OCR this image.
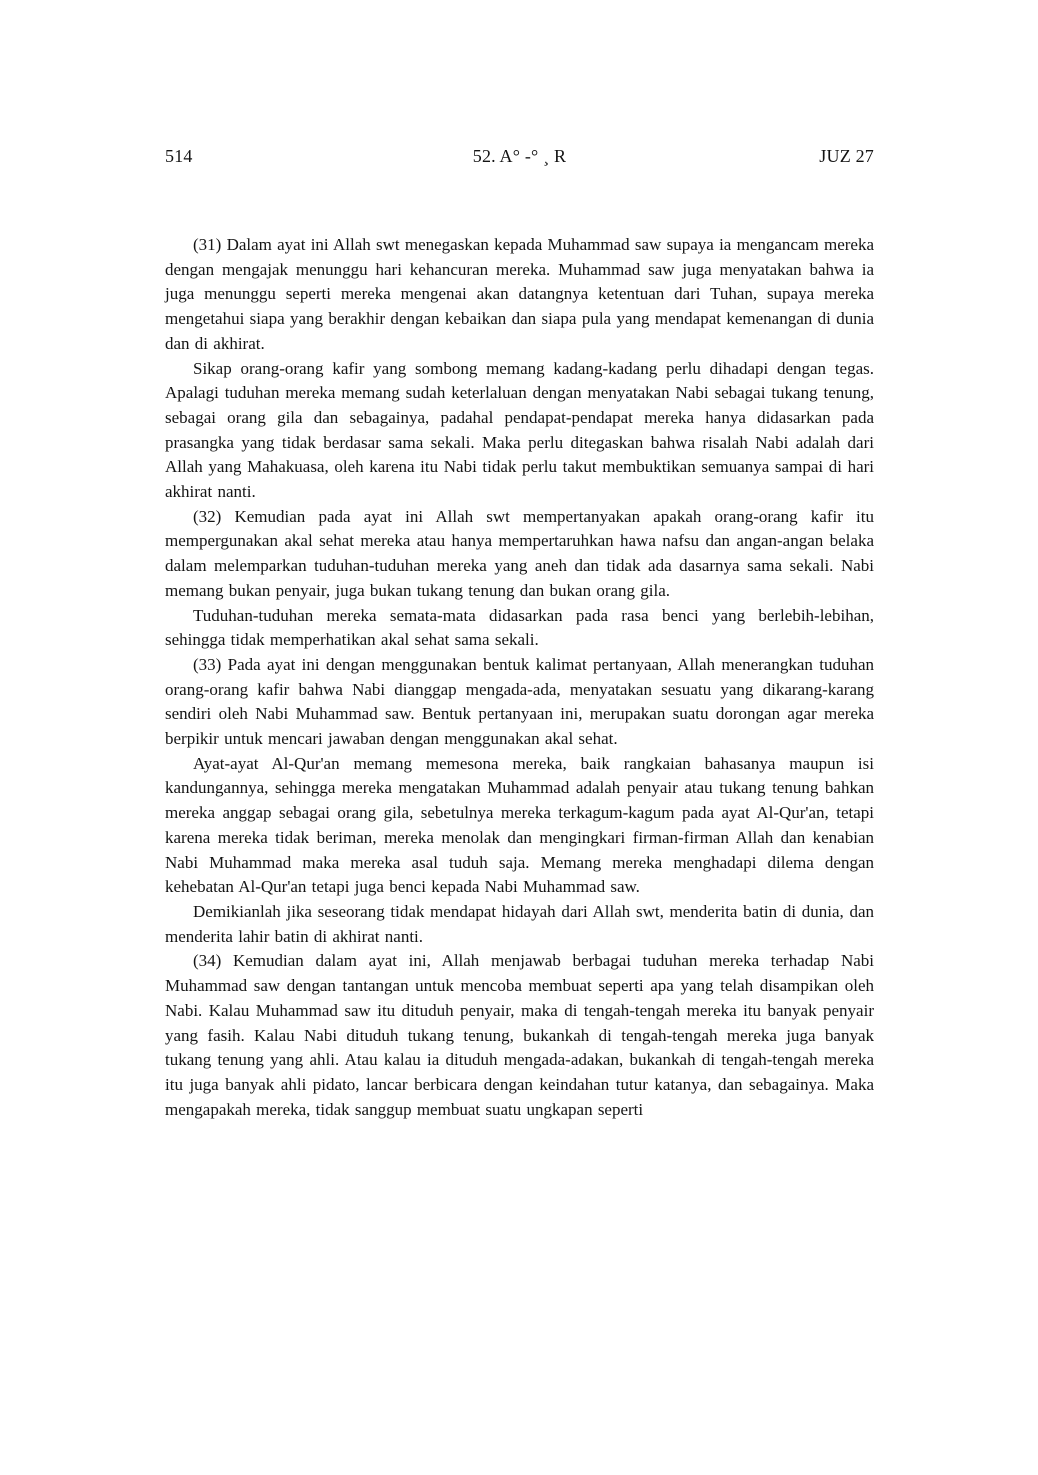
514	52. A° -° ¸ R	JUZ 27

(31) Dalam ayat ini Allah swt menegaskan kepada Muhammad saw supaya ia mengancam mereka dengan mengajak menunggu hari kehancuran mereka. Muhammad saw juga menyatakan bahwa ia juga menunggu seperti mereka mengenai akan datangnya ketentuan dari Tuhan, supaya mereka mengetahui siapa yang berakhir dengan kebaikan dan siapa pula yang mendapat kemenangan di dunia dan di akhirat.

Sikap orang-orang kafir yang sombong memang kadang-kadang perlu dihadapi dengan tegas. Apalagi tuduhan mereka memang sudah keterlaluan dengan menyatakan Nabi sebagai tukang tenung, sebagai orang gila dan sebagainya, padahal pendapat-pendapat mereka hanya didasarkan pada prasangka yang tidak berdasar sama sekali. Maka perlu ditegaskan bahwa risalah Nabi adalah dari Allah yang Mahakuasa, oleh karena itu Nabi tidak perlu takut membuktikan semuanya sampai di hari akhirat nanti.

(32) Kemudian pada ayat ini Allah swt mempertanyakan apakah orang-orang kafir itu mempergunakan akal sehat mereka atau hanya mempertaruhkan hawa nafsu dan angan-angan belaka dalam melemparkan tuduhan-tuduhan mereka yang aneh dan tidak ada dasarnya sama sekali. Nabi memang bukan penyair, juga bukan tukang tenung dan bukan orang gila.

Tuduhan-tuduhan mereka semata-mata didasarkan pada rasa benci yang berlebih-lebihan, sehingga tidak memperhatikan akal sehat sama sekali.

(33) Pada ayat ini dengan menggunakan bentuk kalimat pertanyaan, Allah menerangkan tuduhan orang-orang kafir bahwa Nabi dianggap mengada-ada, menyatakan sesuatu yang dikarang-karang sendiri oleh Nabi Muhammad saw. Bentuk pertanyaan ini, merupakan suatu dorongan agar mereka berpikir untuk mencari jawaban dengan menggunakan akal sehat.

Ayat-ayat Al-Qur'an memang memesona mereka, baik rangkaian bahasanya maupun isi kandungannya, sehingga mereka mengatakan Muhammad adalah penyair atau tukang tenung bahkan mereka anggap sebagai orang gila, sebetulnya mereka terkagum-kagum pada ayat Al-Qur'an, tetapi karena mereka tidak beriman, mereka menolak dan mengingkari firman-firman Allah dan kenabian Nabi Muhammad maka mereka asal tuduh saja. Memang mereka menghadapi dilema dengan kehebatan Al-Qur'an tetapi juga benci kepada Nabi Muhammad saw.

Demikianlah jika seseorang tidak mendapat hidayah dari Allah swt, menderita batin di dunia, dan menderita lahir batin di akhirat nanti.

(34) Kemudian dalam ayat ini, Allah menjawab berbagai tuduhan mereka terhadap Nabi Muhammad saw dengan tantangan untuk mencoba membuat seperti apa yang telah disampikan oleh Nabi. Kalau Muhammad saw itu dituduh penyair, maka di tengah-tengah mereka itu banyak penyair yang fasih. Kalau Nabi dituduh tukang tenung, bukankah di tengah-tengah mereka juga banyak tukang tenung yang ahli. Atau kalau ia dituduh mengada-adakan, bukankah di tengah-tengah mereka itu juga banyak ahli pidato, lancar berbicara dengan keindahan tutur katanya, dan sebagainya. Maka mengapakah mereka, tidak sanggup membuat suatu ungkapan seperti
